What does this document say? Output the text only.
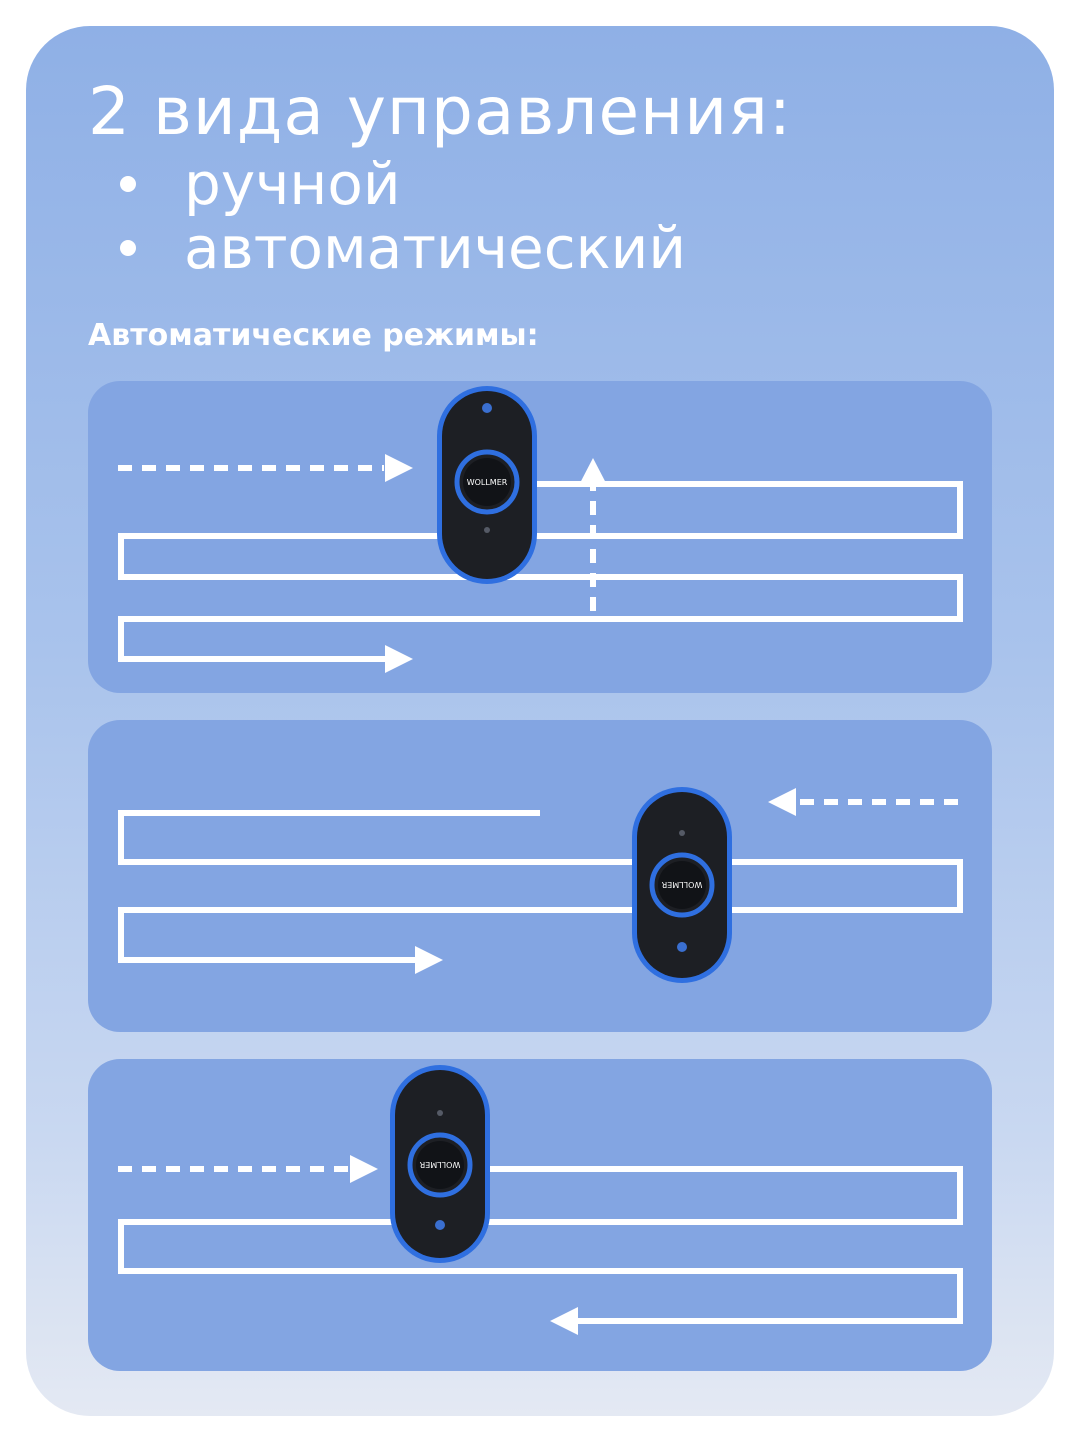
2 вида управления:
ручной
автоматический
Автоматические режимы:
WOLLMER
WOLLMER
WOLLMER
